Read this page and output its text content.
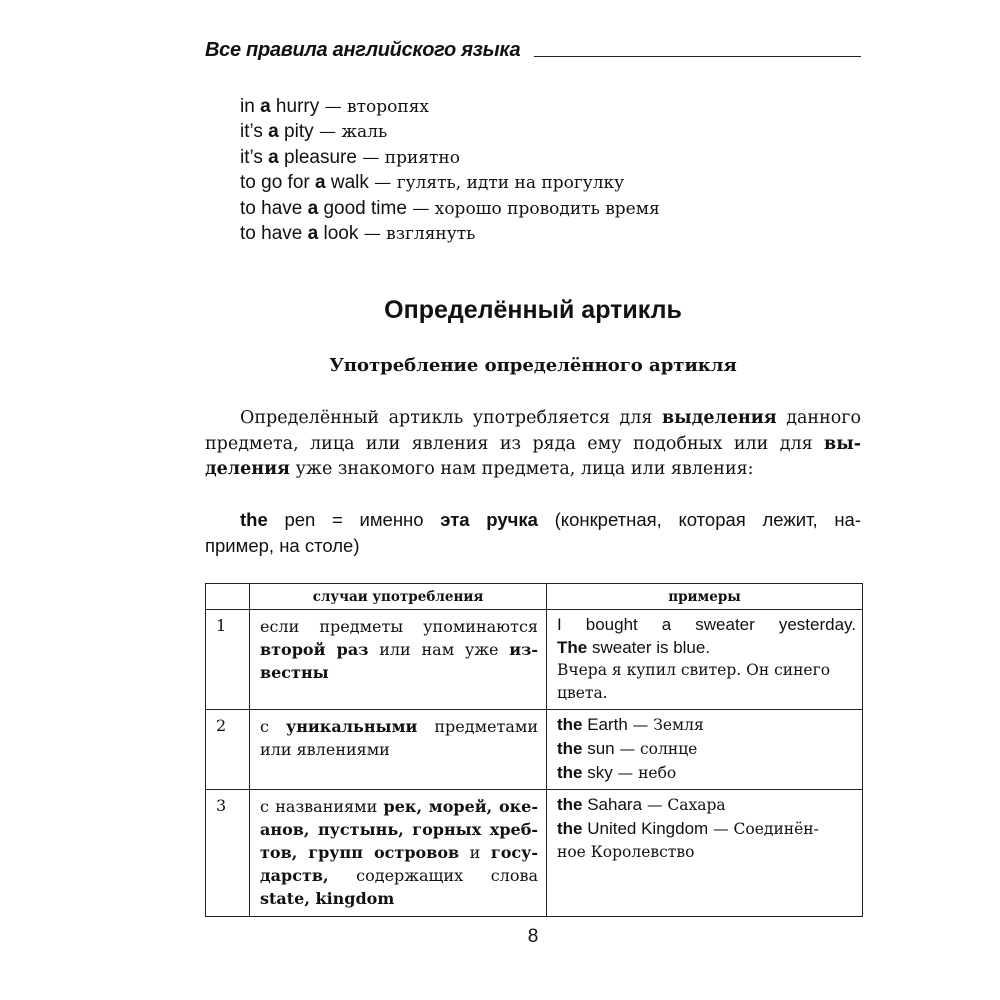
Все правила английского языка
in a hurry — второпях
it’s a pity — жаль
it’s a pleasure — приятно
to go for a walk — гулять, идти на прогулку
to have a good time — хорошо проводить время
to have a look — взглянуть
Определённый артикль
Употребление определённого артикля

Определённый артикль употребляется для выделения данного
предмета, лица или явления из ряда ему подобных или для вы-
деления уже знакомого нам предмета, лица или явления:

the pen = именно эта ручка (конкретная, которая лежит, на-
пример, на столе)

	случаи употребления	примеры
1	если предметы упоминаются
второй раз или нам уже из-
вестны	I bought a sweater yesterday.
The sweater is blue.
Вчера я купил свитер. Он синего
цвета.

2	с уникальными предметами
или явлениями	the Earth — Земля
the sun — солнце
the sky — небо

3	с названиями рек, морей, оке-
анов, пустынь, горных хреб-
тов, групп островов и госу-
дарств, содержащих слова
state, kingdom	the Sahara — Сахара
the United Kingdom — Соединён-
ное Королевство
8
